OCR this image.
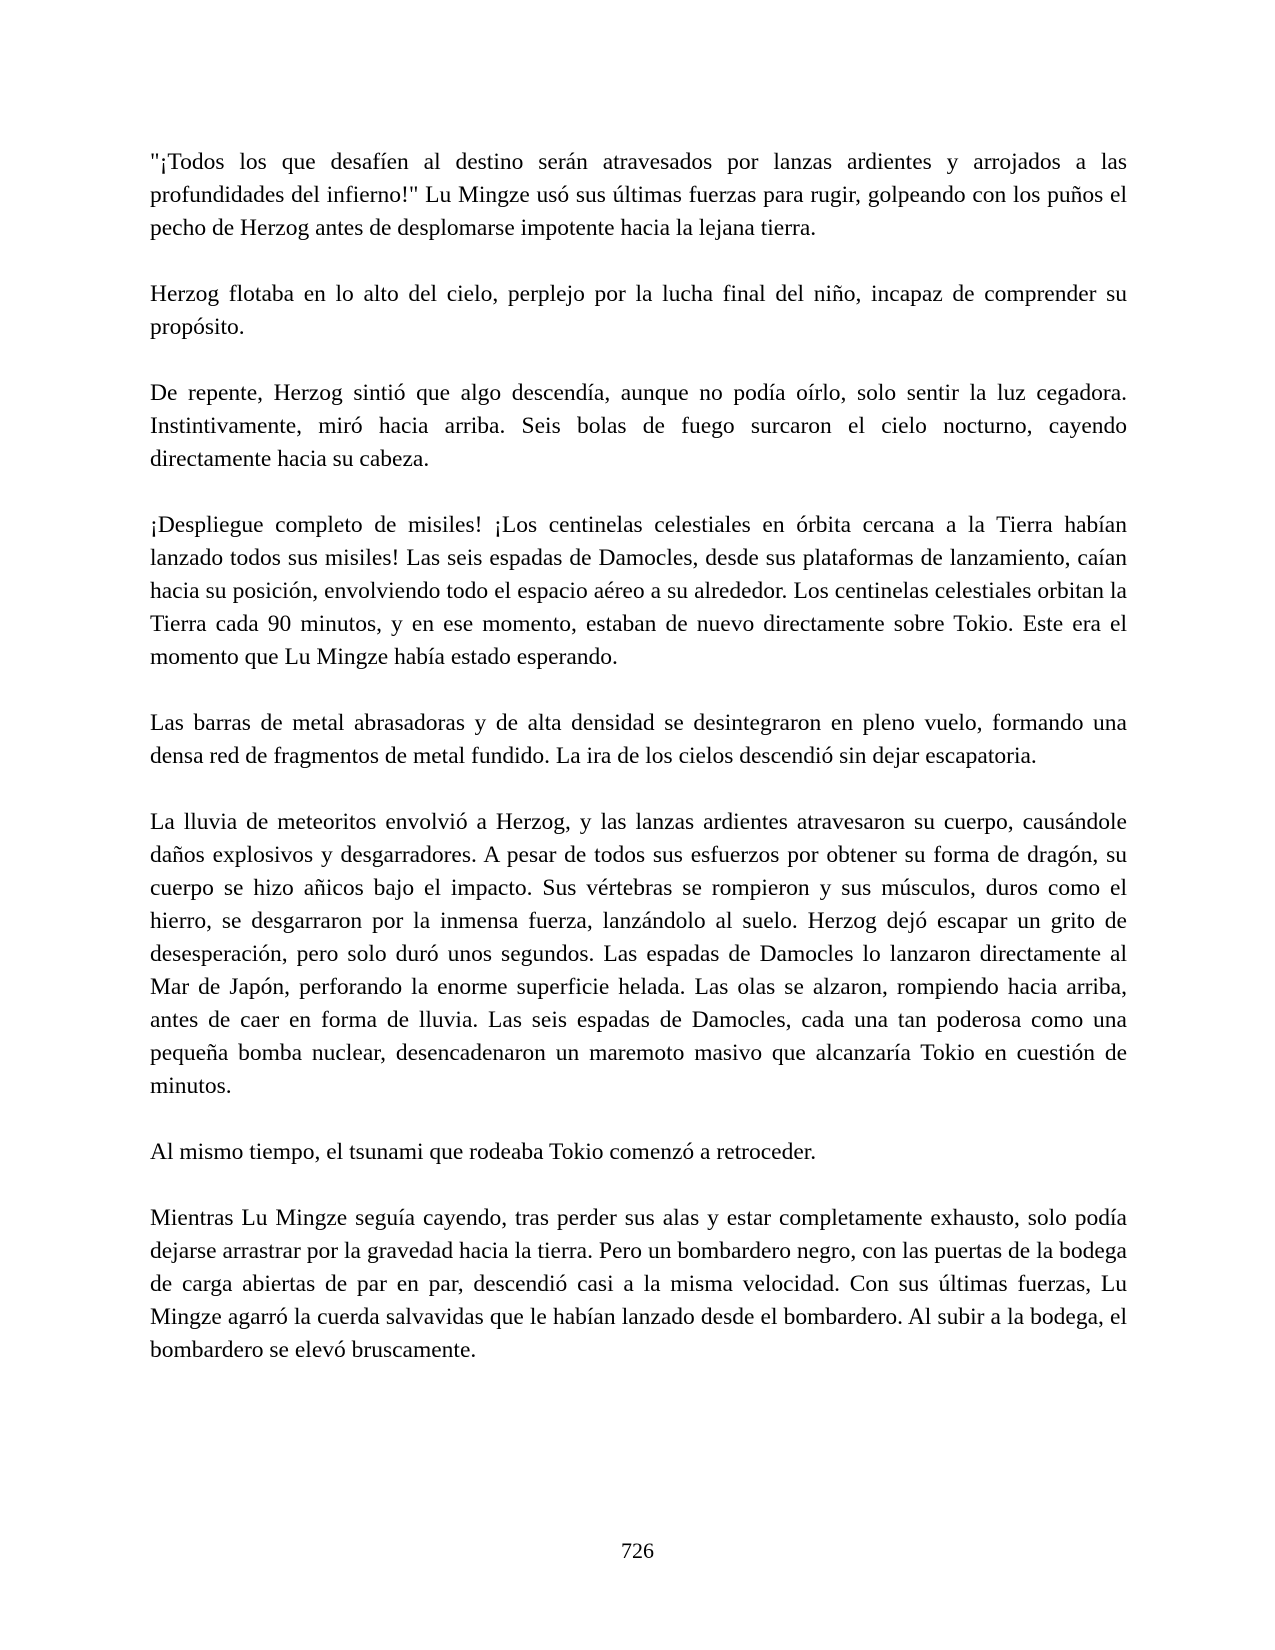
"¡Todos los que desafíen al destino serán atravesados por lanzas ardientes y arrojados a las profundidades del infierno!" Lu Mingze usó sus últimas fuerzas para rugir, golpeando con los puños el pecho de Herzog antes de desplomarse impotente hacia la lejana tierra.

Herzog flotaba en lo alto del cielo, perplejo por la lucha final del niño, incapaz de comprender su propósito.

De repente, Herzog sintió que algo descendía, aunque no podía oírlo, solo sentir la luz cegadora. Instintivamente, miró hacia arriba. Seis bolas de fuego surcaron el cielo nocturno, cayendo directamente hacia su cabeza.

¡Despliegue completo de misiles! ¡Los centinelas celestiales en órbita cercana a la Tierra habían lanzado todos sus misiles! Las seis espadas de Damocles, desde sus plataformas de lanzamiento, caían hacia su posición, envolviendo todo el espacio aéreo a su alrededor. Los centinelas celestiales orbitan la Tierra cada 90 minutos, y en ese momento, estaban de nuevo directamente sobre Tokio. Este era el momento que Lu Mingze había estado esperando.

Las barras de metal abrasadoras y de alta densidad se desintegraron en pleno vuelo, formando una densa red de fragmentos de metal fundido. La ira de los cielos descendió sin dejar escapatoria.

La lluvia de meteoritos envolvió a Herzog, y las lanzas ardientes atravesaron su cuerpo, causándole daños explosivos y desgarradores. A pesar de todos sus esfuerzos por obtener su forma de dragón, su cuerpo se hizo añicos bajo el impacto. Sus vértebras se rompieron y sus músculos, duros como el hierro, se desgarraron por la inmensa fuerza, lanzándolo al suelo. Herzog dejó escapar un grito de desesperación, pero solo duró unos segundos. Las espadas de Damocles lo lanzaron directamente al Mar de Japón, perforando la enorme superficie helada. Las olas se alzaron, rompiendo hacia arriba, antes de caer en forma de lluvia. Las seis espadas de Damocles, cada una tan poderosa como una pequeña bomba nuclear, desencadenaron un maremoto masivo que alcanzaría Tokio en cuestión de minutos.

Al mismo tiempo, el tsunami que rodeaba Tokio comenzó a retroceder.

Mientras Lu Mingze seguía cayendo, tras perder sus alas y estar completamente exhausto, solo podía dejarse arrastrar por la gravedad hacia la tierra. Pero un bombardero negro, con las puertas de la bodega de carga abiertas de par en par, descendió casi a la misma velocidad. Con sus últimas fuerzas, Lu Mingze agarró la cuerda salvavidas que le habían lanzado desde el bombardero. Al subir a la bodega, el bombardero se elevó bruscamente.

726
